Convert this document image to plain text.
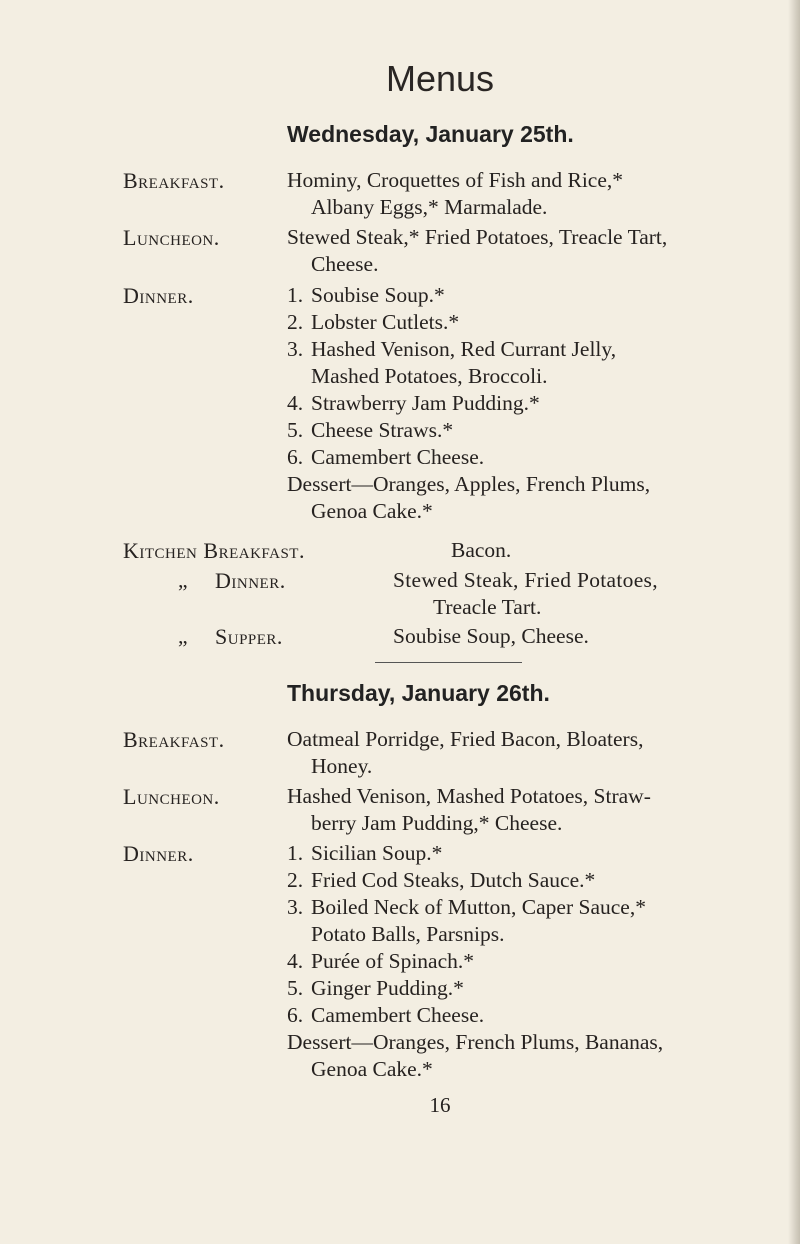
Menus
Wednesday, January 25th.
Breakfast.	Hominy, Croquettes of Fish and Rice,*
Albany Eggs,* Marmalade.
Luncheon.	Stewed Steak,* Fried Potatoes, Treacle Tart,
Cheese.
Dinner.	1. Soubise Soup.*
2. Lobster Cutlets.*
3. Hashed Venison, Red Currant Jelly,
Mashed Potatoes, Broccoli.
4. Strawberry Jam Pudding.*
5. Cheese Straws.*
6. Camembert Cheese.
Dessert—Oranges, Apples, French Plums,
Genoa Cake.*
Kitchen Breakfast.	Bacon.
„ Dinner.	Stewed Steak, Fried Potatoes,
Treacle Tart.
„ Supper.	Soubise Soup, Cheese.
Thursday, January 26th.
Breakfast.	Oatmeal Porridge, Fried Bacon, Bloaters,
Honey.
Luncheon.	Hashed Venison, Mashed Potatoes, Straw-
berry Jam Pudding,* Cheese.
Dinner.	1. Sicilian Soup.*
2. Fried Cod Steaks, Dutch Sauce.*
3. Boiled Neck of Mutton, Caper Sauce,*
Potato Balls, Parsnips.
4. Purée of Spinach.*
5. Ginger Pudding.*
6. Camembert Cheese.
Dessert—Oranges, French Plums, Bananas,
Genoa Cake.*
16
